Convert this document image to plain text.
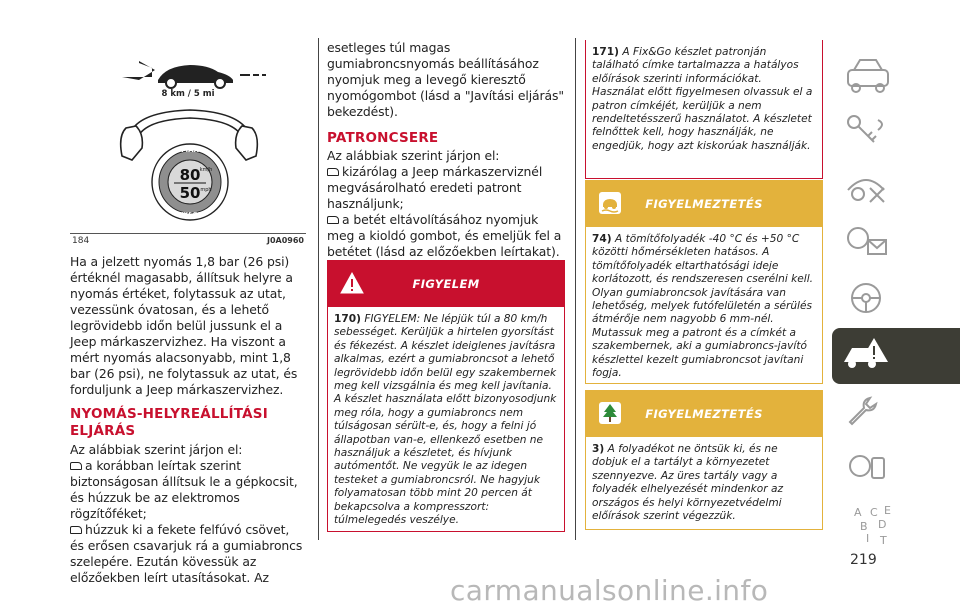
8 km / 5 mi
MAX
80 km/h
50 mph
FIX&GO
184	J0A0960

Ha a jelzett nyomás 1,8 bar (26 psi) értéknél magasabb, állítsuk helyre a nyomás értéket, folytassuk az utat, vezessünk óvatosan, és a lehető legrövidebb időn belül jussunk el a Jeep márkaszervizhez. Ha viszont a mért nyomás alacsonyabb, mint 1,8 bar (26 psi), ne folytassuk az utat, és forduljunk a Jeep márkaszervizhez.

NYOMÁS-HELYREÁLLÍTÁSI ELJÁRÁS

Az alábbiak szerint járjon el:

a korábban leírtak szerint biztonságosan állítsuk le a gépkocsit, és húzzuk be az elektromos rögzítőféket;

húzzuk ki a fekete felfúvó csövet, és erősen csavarjuk rá a gumiabroncs szelepére. Ezután kövessük az előzőekben leírt utasításokat. Az

esetleges túl magas gumiabroncsnyomás beállításához nyomjuk meg a levegő kieresztő nyomógombot (lásd a "Javítási eljárás" bekezdést).

PATRONCSERE

Az alábbiak szerint járjon el:

kizárólag a Jeep márkaszerviznél megvásárolható eredeti patront használjunk;

a betét eltávolításához nyomjuk meg a kioldó gombot, és emeljük fel a betétet (lásd az előzőekben leírtakat).

FIGYELEM

170) FIGYELEM: Ne lépjük túl a 80 km/h sebességet. Kerüljük a hirtelen gyorsítást és fékezést. A készlet ideiglenes javításra alkalmas, ezért a gumiabroncsot a lehető legrövidebb időn belül egy szakembernek meg kell vizsgálnia és meg kell javítania. A készlet használata előtt bizonyosodjunk meg róla, hogy a gumiabroncs nem túlságosan sérült-e, és, hogy a felni jó állapotban van-e, ellenkező esetben ne használjuk a készletet, és hívjunk autómentőt. Ne vegyük le az idegen testeket a gumiabroncsról. Ne hagyjuk folyamatosan több mint 20 percen át bekapcsolva a kompresszort: túlmelegedés veszélye.

171) A Fix&Go készlet patronján található címke tartalmazza a hatályos előírások szerinti információkat. Használat előtt figyelmesen olvassuk el a patron címkéjét, kerüljük a nem rendeltetésszerű használatot. A készletet felnőttek kell, hogy használják, ne engedjük, hogy azt kiskorúak használják.

FIGYELMEZTETÉS

74) A tömítőfolyadék -40 °C és +50 °C közötti hőmérsékleten hatásos. A tömítőfolyadék eltarthatósági ideje korlátozott, és rendszeresen cserélni kell. Olyan gumiabroncsok javítására van lehetőség, melyek futófelületén a sérülés átmérője nem nagyobb 6 mm-nél. Mutassuk meg a patront és a címkét a szakembernek, aki a gumiabroncs-javító készlettel kezelt gumiabroncsot javítani fogja.

FIGYELMEZTETÉS

3) A folyadékot ne öntsük ki, és ne dobjuk el a tartályt a környezetet szennyezve. Az üres tartály vagy a folyadék elhelyezését mindenkor az országos és helyi környezetvédelmi előírások szerint végezzük.	A C E
B D
I T
219
carmanualsonline.info
